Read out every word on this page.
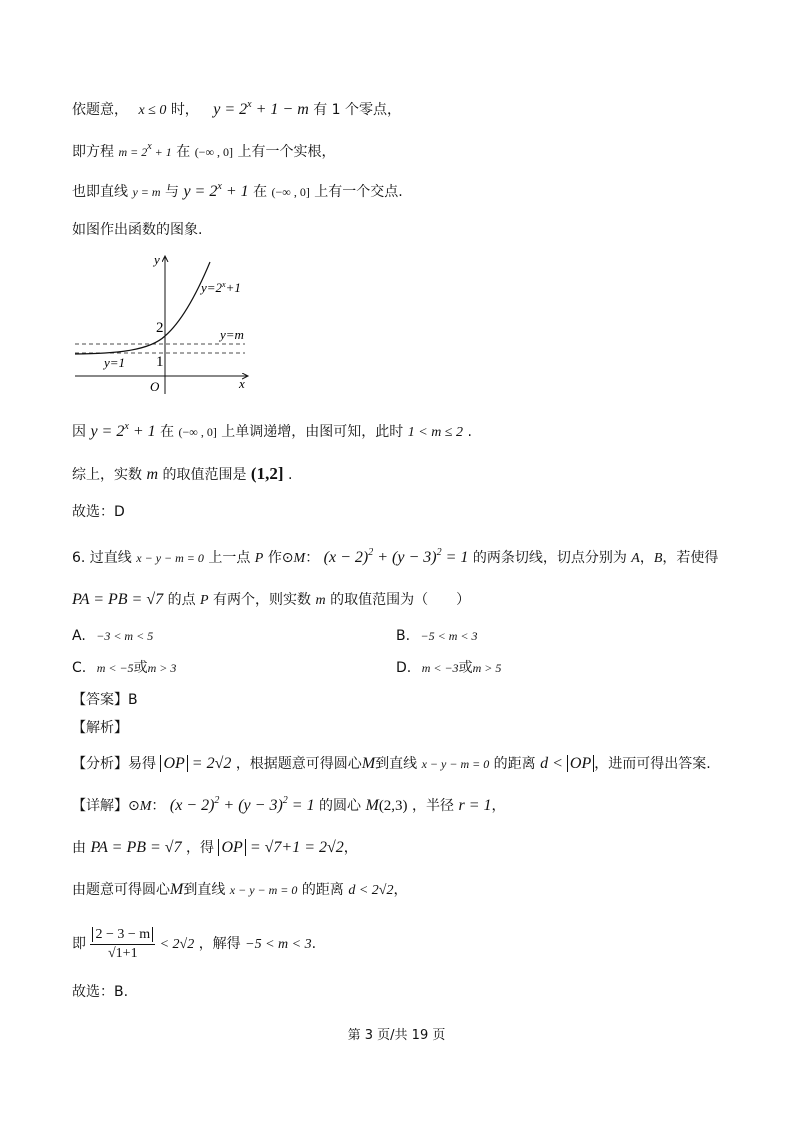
依题意， x ≤ 0 时， $y = 2^x + 1 - m$ 有 1 个零点，
即方程 $m = 2^x + 1$ 在 (−∞ , 0] 上有一个实根，
也即直线 y = m 与 $y = 2^x + 1$ 在 (−∞ , 0] 上有一个交点.
如图作出函数的图象.
y
x
O
$y=2^x+1$
2
1
y=m
y=1
因 $y = 2^x + 1$ 在 (−∞ , 0] 上单调递增，由图可知，此时 1 < m ≤ 2 .
综上，实数 m 的取值范围是 (1,2] .
故选：D
6. 过直线 x − y − m = 0 上一点 P 作⊙M： $(x - 2)^2 + (y - 3)^2 = 1$ 的两条切线，切点分别为 A，B，若使得
PA = PB = √7 的点 P 有两个，则实数 m 的取值范围为（　　）
A. −3 < m < 5	B. −5 < m < 3
C. m < −5或m > 3	D. m < −3或m > 5
【答案】B
【解析】
【分析】易得 OP = 2√2 ，根据题意可得圆心M到直线 x − y − m = 0 的距离 d < OP ，进而可得出答案.
【详解】⊙M： $(x - 2)^2 + (y - 3)^2 = 1$ 的圆心 M(2,3) ，半径 r = 1，
由 PA = PB = √7 ，得 OP = √7+1 = 2√2，
由题意可得圆心M到直线 x − y − m = 0 的距离 d < 2√2，
即 $\frac{2 - 3 - m}{√1+1} < 2√2$ ，解得 −5 < m < 3.
故选：B.
第 3 页/共 19 页
